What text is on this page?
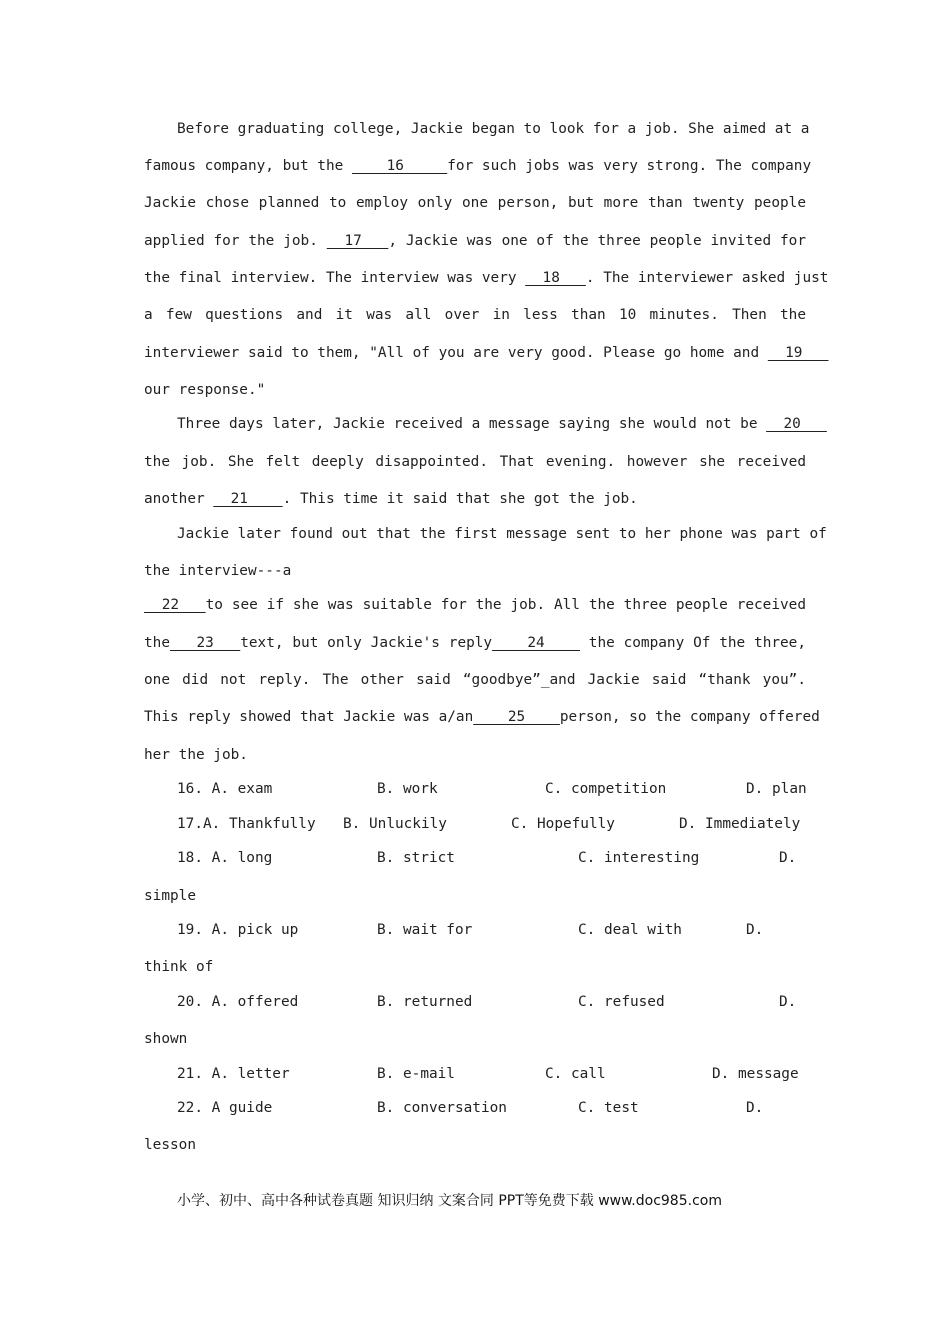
Before graduating college, Jackie began to look for a job. She aimed at a
famous company, but the     16     for such jobs was very strong. The company
Jackie chose planned to employ only one person, but more than twenty people
applied for the job.   17   , Jackie was one of the three people invited for
the final interview. The interview was very   18   . The interviewer asked just
a few questions and it was all over in less than 10 minutes. Then the
interviewer said to them, "All of you are very good. Please go home and   19
our response."
Three days later, Jackie received a message saying she would not be   20
the job. She felt deeply disappointed. That evening. however she received
another   21    . This time it said that she got the job.
Jackie later found out that the first message sent to her phone was part of
the interview---a
22   to see if she was suitable for the job. All the three people received
the   23   text, but only Jackie's reply    24     the company Of the three,
one did not reply. The other said “goodbye”_and Jackie said “thank you”.
This reply showed that Jackie was a/an    25    person, so the company offered
her the job.
16. A. exam	B. work	C. competition	D. plan
17.A. Thankfully B. Unluckily	C. Hopefully	D. Immediately
18. A. long	B. strict	C. interesting	D.
simple
19. A. pick up	B. wait for	C. deal with	D.
think of
20. A. offered	B. returned	C. refused	D.
shown
21. A. letter	B. e-mail	C. call	D. message
22. A guide	B. conversation	C. test	D.
lesson
小学、初中、高中各种试卷真题 知识归纳 文案合同 PPT等免费下载 www.doc985.com
